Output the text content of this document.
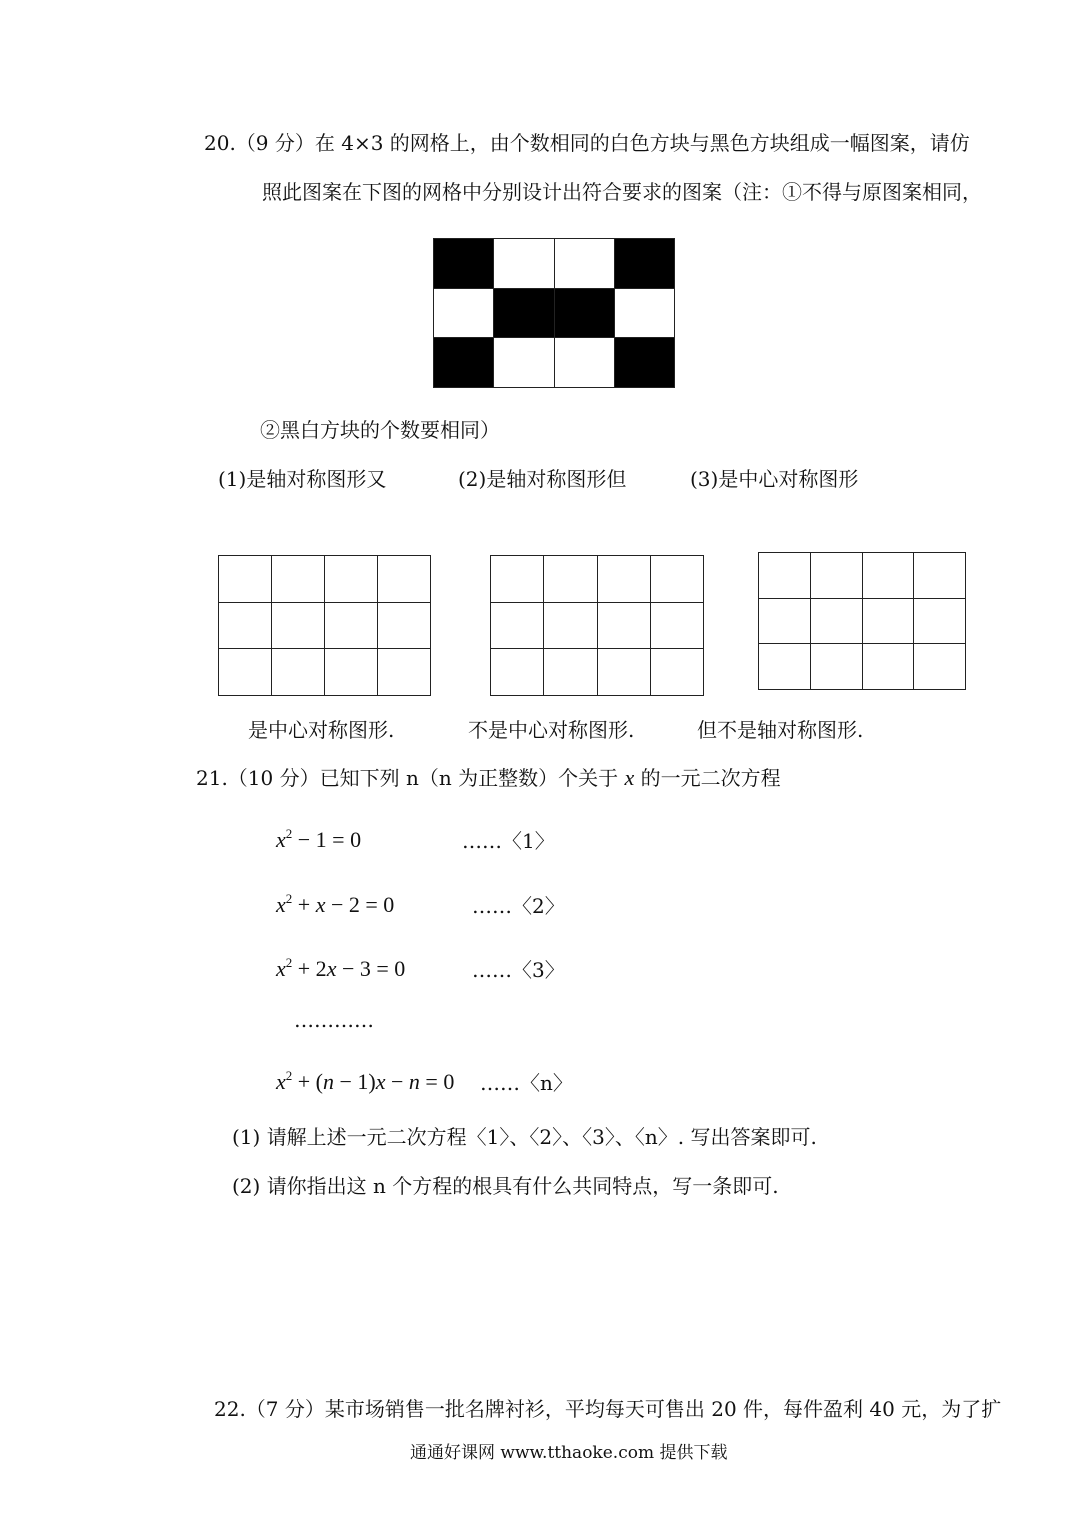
20.（9 分）在 4×3 的网格上，由个数相同的白色方块与黑色方块组成一幅图案，请仿
照此图案在下图的网格中分别设计出符合要求的图案（注：①不得与原图案相同，

②黑白方块的个数要相同）
(1)是轴对称图形又	(2)是轴对称图形但	(3)是中心对称图形

是中心对称图形.	不是中心对称图形.	但不是轴对称图形.
21.（10 分）已知下列 n（n 为正整数）个关于 x 的一元二次方程
$x^2 - 1 = 0$	……〈1〉
$x^2 + x - 2 = 0$	……〈2〉
$x^2 + 2x - 3 = 0$	……〈3〉
…………
$x^2 + (n - 1)x - n = 0$ ……〈n〉
(1) 请解上述一元二次方程〈1〉、〈2〉、〈3〉、〈n〉. 写出答案即可.
(2) 请你指出这 n 个方程的根具有什么共同特点，写一条即可.
22.（7 分）某市场销售一批名牌衬衫，平均每天可售出 20 件，每件盈利 40 元，为了扩
通通好课网 www.tthaoke.com 提供下载
